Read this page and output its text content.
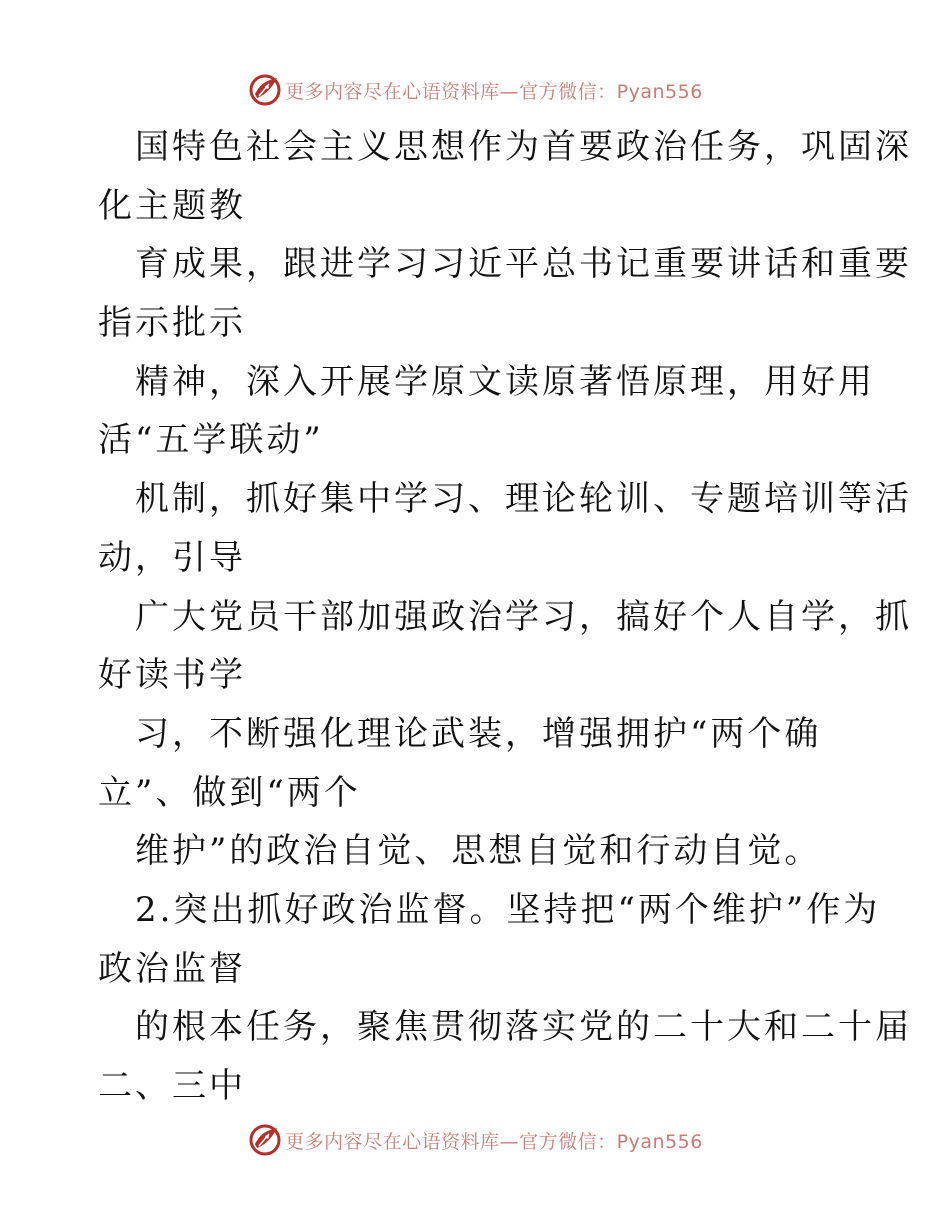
更多内容尽在心语资料库—官方微信：Pyan556
国特色社会主义思想作为首要政治任务，巩固深
化主题教
育成果，跟进学习习近平总书记重要讲话和重要
指示批示
精神，深入开展学原文读原著悟原理，用好用
活“五学联动”
机制，抓好集中学习、理论轮训、专题培训等活
动，引导
广大党员干部加强政治学习，搞好个人自学，抓
好读书学
习，不断强化理论武装，增强拥护“两个确
立”、做到“两个
维护”的政治自觉、思想自觉和行动自觉。
2.突出抓好政治监督。坚持把“两个维护”作为
政治监督
的根本任务，聚焦贯彻落实党的二十大和二十届
二、三中
更多内容尽在心语资料库—官方微信：Pyan556
